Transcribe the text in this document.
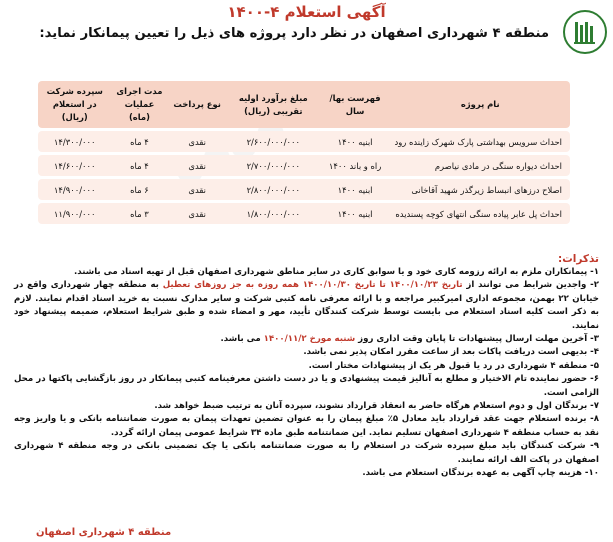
آگهی استعلام ۴-۱۴۰۰
منطقه ۴ شهرداری اصفهان در نظر دارد پروژه های ذیل را تعیین پیمانکار نماید:
نام پروژه	فهرست بها/ سال	مبلغ برآورد اولیه تقریبی (ریال)	نوع پرداخت	مدت اجرای عملیات (ماه)	سپرده شرکت در استعلام (ریال)
احداث سرویس بهداشتی پارک شهرک زاینده رود	ابنیه ۱۴۰۰	۲/۶۰۰/۰۰۰/۰۰۰	نقدی	۴ ماه	۱۴/۳۰۰/۰۰۰
احداث دیواره سنگی در مادی نیاصرم	راه و باند ۱۴۰۰	۲/۷۰۰/۰۰۰/۰۰۰	نقدی	۴ ماه	۱۴/۶۰۰/۰۰۰
اصلاح درزهای انبساط زیرگذر شهید آقاخانی	ابنیه ۱۴۰۰	۲/۸۰۰/۰۰۰/۰۰۰	نقدی	۶ ماه	۱۴/۹۰۰/۰۰۰
احداث پل عابر پیاده سنگی انتهای کوچه پسندیده	ابنیه ۱۴۰۰	۱/۸۰۰/۰۰۰/۰۰۰	نقدی	۳ ماه	۱۱/۹۰۰/۰۰۰
تذکرات:

۱- پیمانکاران ملزم به ارائه رزومه کاری خود و یا سوابق کاری در سایر مناطق شهرداری اصفهان قبل از تهیه اسناد می باشند.

۲- واجدین شرایط می توانند از تاریخ ۱۴۰۰/۱۰/۲۳ تا تاریخ ۱۴۰۰/۱۰/۳۰ همه روزه به جز روزهای تعطیل به منطقه چهار شهرداری واقع در خیابان ۲۲ بهمن، مجموعه اداری امیرکبیر مراجعه و با ارائه معرفی نامه کتبی شرکت و سایر مدارک نسبت به خرید اسناد اقدام نمایند. لازم به ذکر است کلیه اسناد استعلام می بایست توسط شرکت کنندگان تأیید، مهر و امضاء شده و طبق شرایط استعلام، ضمیمه پیشنهاد خود نمایند.

۳- آخرین مهلت ارسال پیشنهادات تا پایان وقت اداری روز شنبه مورخ ۱۴۰۰/۱۱/۲ می باشد.

۴- بدیهی است دریافت پاکات بعد از ساعت مقرر امکان پذیر نمی باشد.

۵- منطقه ۴ شهرداری در رد یا قبول هر یک از پیشنهادات مختار است.

۶- حضور نماینده تام الاختیار و مطلع به آنالیز قیمت پیشنهادی و یا در دست داشتن معرفینامه کتبی پیمانکار در روز بازگشایی پاکتها در محل الزامی است.

۷- برندگان اول و دوم استعلام هرگاه حاضر به انعقاد قرارداد نشوند، سپرده آنان به ترتیب ضبط خواهد شد.

۸- برنده استعلام جهت عقد قرارداد باید معادل ۵٪ مبلغ پیمان را به عنوان تضمین تعهدات پیمان به صورت ضمانتنامه بانکی و یا واریز وجه نقد به حساب منطقه ۴ شهرداری اصفهان تسلیم نماید. این ضمانتنامه طبق ماده ۳۴ شرایط عمومی پیمان ارائه گردد.

۹- شرکت کنندگان باید مبلغ سپرده شرکت در استعلام را به صورت ضمانتنامه بانکی یا چک تضمینی بانکی در وجه منطقه ۴ شهرداری اصفهان در پاکت الف ارائه نمایند.

۱۰- هزینه چاپ آگهی به عهده برندگان استعلام می باشد.

منطقه ۴ شهرداری اصفهان
